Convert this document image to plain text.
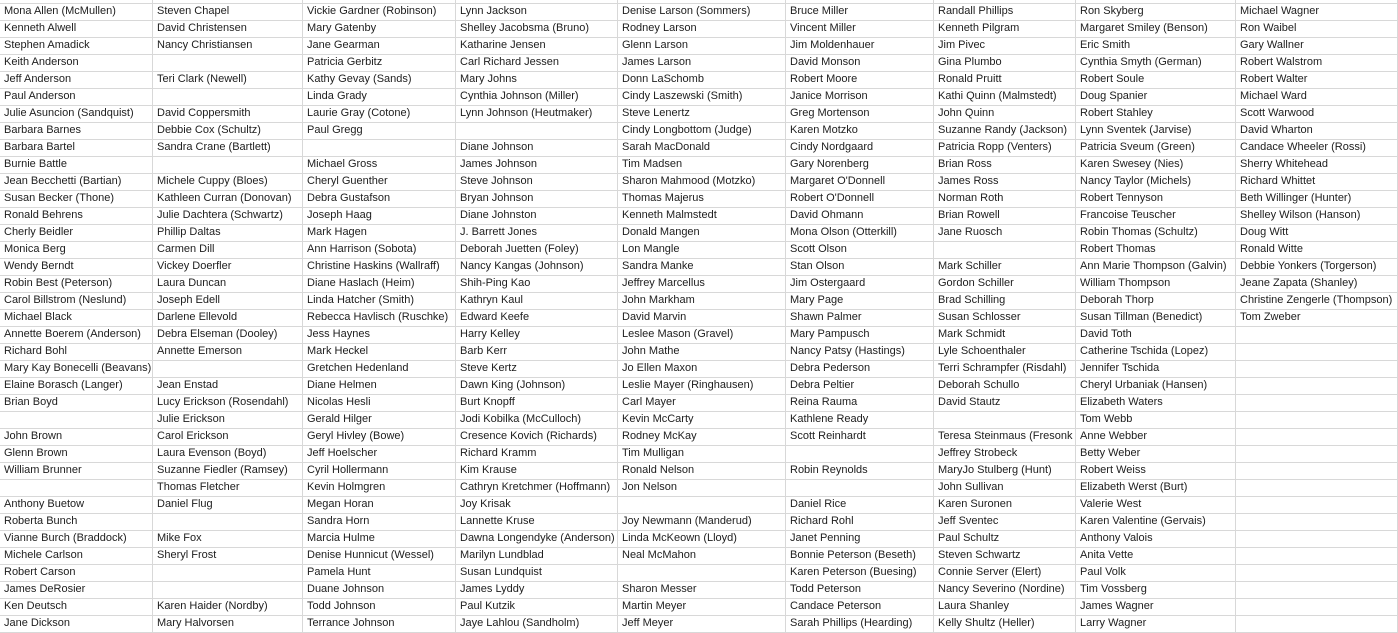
Mona Allen (McMullen)	Steven Chapel	Vickie Gardner (Robinson)	Lynn Jackson	Denise Larson (Sommers)	Bruce Miller	Randall Phillips	Ron Skyberg	Michael Wagner
Kenneth Alwell	David Christensen	Mary Gatenby	Shelley Jacobsma (Bruno)	Rodney Larson	Vincent Miller	Kenneth Pilgram	Margaret Smiley (Benson)	Ron Waibel
Stephen Amadick	Nancy Christiansen	Jane Gearman	Katharine Jensen	Glenn Larson	Jim Moldenhauer	Jim Pivec	Eric Smith	Gary Wallner
Keith Anderson		Patricia Gerbitz	Carl Richard Jessen	James Larson	David Monson	Gina Plumbo	Cynthia Smyth (German)	Robert Walstrom
Jeff Anderson	Teri Clark (Newell)	Kathy Gevay (Sands)	Mary Johns	Donn LaSchomb	Robert Moore	Ronald Pruitt	Robert Soule	Robert Walter
Paul Anderson		Linda Grady	Cynthia Johnson (Miller)	Cindy Laszewski (Smith)	Janice Morrison	Kathi Quinn (Malmstedt)	Doug Spanier	Michael Ward
Julie Asuncion (Sandquist)	David Coppersmith	Laurie Gray (Cotone)	Lynn Johnson (Heutmaker)	Steve Lenertz	Greg Mortenson	John Quinn	Robert Stahley	Scott Warwood
Barbara Barnes	Debbie Cox (Schultz)	Paul Gregg		Cindy Longbottom (Judge)	Karen Motzko	Suzanne Randy (Jackson)	Lynn Sventek (Jarvise)	David Wharton
Barbara Bartel	Sandra Crane (Bartlett)		Diane Johnson	Sarah MacDonald	Cindy Nordgaard	Patricia Ropp (Venters)	Patricia Sveum (Green)	Candace Wheeler (Rossi)
Burnie Battle		Michael Gross	James Johnson	Tim Madsen	Gary Norenberg	Brian Ross	Karen Swesey (Nies)	Sherry Whitehead
Jean Becchetti (Bartian)	Michele Cuppy (Bloes)	Cheryl Guenther	Steve Johnson	Sharon Mahmood (Motzko)	Margaret O'Donnell	James Ross	Nancy Taylor (Michels)	Richard Whittet
Susan Becker (Thone)	Kathleen Curran (Donovan)	Debra Gustafson	Bryan Johnson	Thomas Majerus	Robert O'Donnell	Norman Roth	Robert Tennyson	Beth Willinger (Hunter)
Ronald Behrens	Julie Dachtera (Schwartz)	Joseph Haag	Diane Johnston	Kenneth Malmstedt	David Ohmann	Brian Rowell	Francoise Teuscher	Shelley Wilson (Hanson)
Cherly Beidler	Phillip Daltas	Mark Hagen	J. Barrett Jones	Donald Mangen	Mona Olson (Otterkill)	Jane Ruosch	Robin Thomas (Schultz)	Doug Witt
Monica Berg	Carmen Dill	Ann Harrison (Sobota)	Deborah Juetten (Foley)	Lon Mangle	Scott Olson		Robert Thomas	Ronald Witte
Wendy Berndt	Vickey Doerfler	Christine Haskins (Wallraff)	Nancy Kangas (Johnson)	Sandra Manke	Stan Olson	Mark Schiller	Ann Marie Thompson (Galvin)	Debbie Yonkers (Torgerson)
Robin Best (Peterson)	Laura Duncan	Diane Haslach (Heim)	Shih-Ping Kao	Jeffrey Marcellus	Jim Ostergaard	Gordon Schiller	William Thompson	Jeane Zapata (Shanley)
Carol Billstrom (Neslund)	Joseph Edell	Linda Hatcher (Smith)	Kathryn Kaul	John Markham	Mary Page	Brad Schilling	Deborah Thorp	Christine Zengerle (Thompson)
Michael Black	Darlene Ellevold	Rebecca Havlisch (Ruschke)	Edward Keefe	David Marvin	Shawn Palmer	Susan Schlosser	Susan Tillman (Benedict)	Tom Zweber
Annette Boerem (Anderson)	Debra Elseman (Dooley)	Jess Haynes	Harry Kelley	Leslee Mason (Gravel)	Mary Pampusch	Mark Schmidt	David Toth	
Richard Bohl	Annette Emerson	Mark Heckel	Barb Kerr	John Mathe	Nancy Patsy (Hastings)	Lyle Schoenthaler	Catherine Tschida (Lopez)	
Mary Kay Bonecelli (Beavans)		Gretchen Hedenland	Steve Kertz	Jo Ellen Maxon	Debra Pederson	Terri Schrampfer (Risdahl)	Jennifer Tschida	
Elaine Borasch (Langer)	Jean Enstad	Diane Helmen	Dawn King (Johnson)	Leslie Mayer (Ringhausen)	Debra Peltier	Deborah Schullo	Cheryl Urbaniak (Hansen)	
Brian Boyd	Lucy Erickson (Rosendahl)	Nicolas Hesli	Burt Knopff	Carl Mayer	Reina Rauma	David Stautz	Elizabeth Waters	
	Julie Erickson	Gerald Hilger	Jodi Kobilka (McCulloch)	Kevin McCarty	Kathlene Ready		Tom Webb	
John Brown	Carol Erickson	Geryl Hivley (Bowe)	Cresence Kovich (Richards)	Rodney McKay	Scott Reinhardt	Teresa Steinmaus (Fresonk	Anne Webber	
Glenn Brown	Laura Evenson (Boyd)	Jeff Hoelscher	Richard Kramm	Tim Mulligan		Jeffrey Strobeck	Betty Weber	
William Brunner	Suzanne Fiedler (Ramsey)	Cyril Hollermann	Kim Krause	Ronald Nelson	Robin Reynolds	MaryJo Stulberg (Hunt)	Robert Weiss	
	Thomas Fletcher	Kevin Holmgren	Cathryn Kretchmer (Hoffmann)	Jon Nelson		John Sullivan	Elizabeth Werst (Burt)	
Anthony Buetow	Daniel Flug	Megan Horan	Joy Krisak		Daniel Rice	Karen Suronen	Valerie West	
Roberta Bunch		Sandra Horn	Lannette Kruse	Joy Newmann (Manderud)	Richard Rohl	Jeff Sventec	Karen Valentine (Gervais)	
Vianne Burch (Braddock)	Mike Fox	Marcia Hulme	Dawna Longendyke (Anderson)	Linda McKeown (Lloyd)	Janet Penning	Paul Schultz	Anthony Valois	
Michele Carlson	Sheryl Frost	Denise Hunnicut (Wessel)	Marilyn Lundblad	Neal McMahon	Bonnie Peterson (Beseth)	Steven Schwartz	Anita Vette	
Robert Carson		Pamela Hunt	Susan Lundquist		Karen Peterson (Buesing)	Connie Server (Elert)	Paul Volk	
James DeRosier		Duane Johnson	James Lyddy	Sharon Messer	Todd Peterson	Nancy Severino (Nordine)	Tim Vossberg	
Ken Deutsch	Karen Haider (Nordby)	Todd Johnson	Paul Kutzik	Martin Meyer	Candace Peterson	Laura Shanley	James Wagner	
Jane Dickson	Mary Halvorsen	Terrance Johnson	Jaye Lahlou (Sandholm)	Jeff Meyer	Sarah Phillips (Hearding)	Kelly Shultz (Heller)	Larry Wagner	
